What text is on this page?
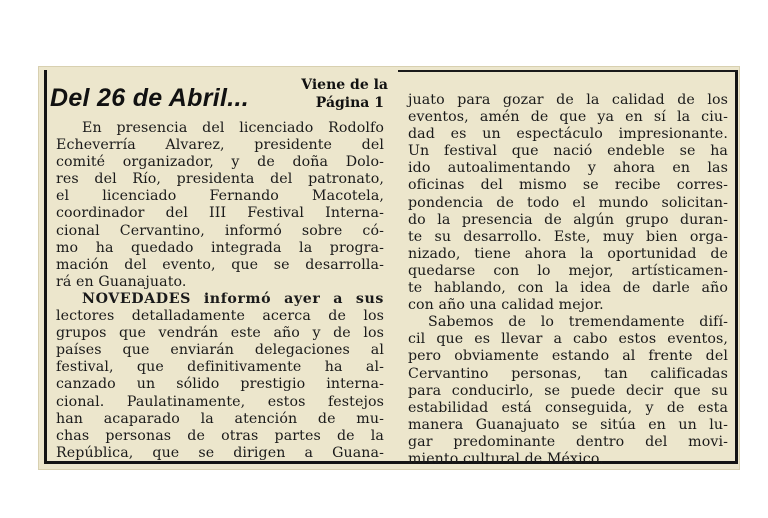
Del 26 de Abril...	Viene de la
Página 1
En presencia del licenciado Rodolfo
Echeverría Alvarez, presidente del
comité organizador, y de doña Dolo-
res del Río, presidenta del patronato,
el licenciado Fernando Macotela,
coordinador del III Festival Interna-
cional Cervantino, informó sobre có-
mo ha quedado integrada la progra-
mación del evento, que se desarrolla-
rá en Guanajuato.
NOVEDADES informó ayer a sus
lectores detalladamente acerca de los
grupos que vendrán este año y de los
países que enviarán delegaciones al
festival, que definitivamente ha al-
canzado un sólido prestigio interna-
cional. Paulatinamente, estos festejos
han acaparado la atención de mu-
chas personas de otras partes de la
República, que se dirigen a Guana-
juato para gozar de la calidad de los
eventos, amén de que ya en sí la ciu-
dad es un espectáculo impresionante.
Un festival que nació endeble se ha
ido autoalimentando y ahora en las
oficinas del mismo se recibe corres-
pondencia de todo el mundo solicitan-
do la presencia de algún grupo duran-
te su desarrollo. Este, muy bien orga-
nizado, tiene ahora la oportunidad de
quedarse con lo mejor, artísticamen-
te hablando, con la idea de darle año
con año una calidad mejor.
Sabemos de lo tremendamente difí-
cil que es llevar a cabo estos eventos,
pero obviamente estando al frente del
Cervantino personas, tan calificadas
para conducirlo, se puede decir que su
estabilidad está conseguida, y de esta
manera Guanajuato se sitúa en un lu-
gar predominante dentro del movi-
miento cultural de México.
